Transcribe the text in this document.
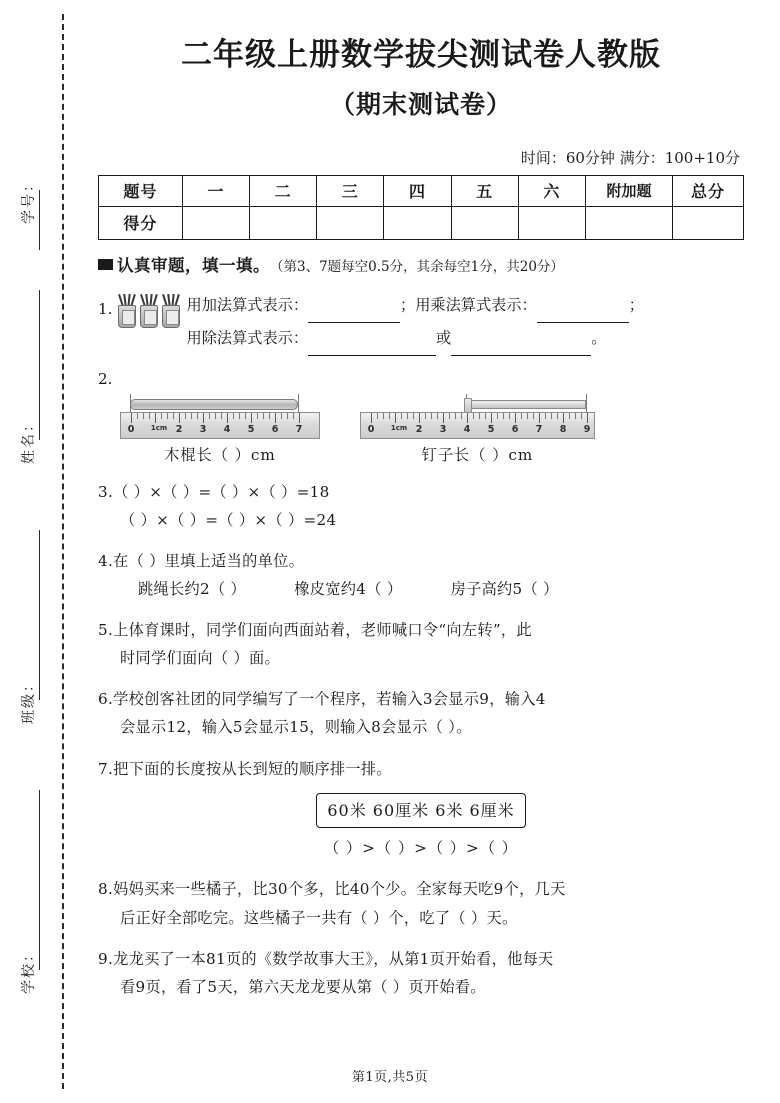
学号：
姓名：
班级：
学校：
二年级上册数学拔尖测试卷人教版
（期末测试卷）
时间：60分钟 满分：100+10分
题号	一	二	三	四	五	六	附加题	总分
得分								
认真审题，填一填。 （第3、7题每空0.5分，其余每空1分，共20分）
1.	用加法算式表示：	；用乘法算式表示：	；
用除法算式表示：	或	。
2.
0 1cm 2 3 4 5 6 7
木棍长（ ）cm
0 1cm 2 3 4 5 6 7 8 9
钉子长（ ）cm
3.（ ）×（ ）=（ ）×（ ）=18
（ ）×（ ）=（ ）×（ ）=24
4.在（ ）里填上适当的单位。
跳绳长约2（ ）	橡皮宽约4（ ）	房子高约5（ ）
5.上体育课时，同学们面向西面站着，老师喊口令“向左转”，此
时同学们面向（ ）面。
6.学校创客社团的同学编写了一个程序，若输入3会显示9，输入4
会显示12，输入5会显示15，则输入8会显示（ ）。
7.把下面的长度按从长到短的顺序排一排。
60米 60厘米 6米 6厘米
（ ）>（ ）>（ ）>（ ）
8.妈妈买来一些橘子，比30个多，比40个少。全家每天吃9个，几天
后正好全部吃完。这些橘子一共有（ ）个，吃了（ ）天。
9.龙龙买了一本81页的《数学故事大王》，从第1页开始看，他每天
看9页，看了5天，第六天龙龙要从第（ ）页开始看。
第1页,共5页
